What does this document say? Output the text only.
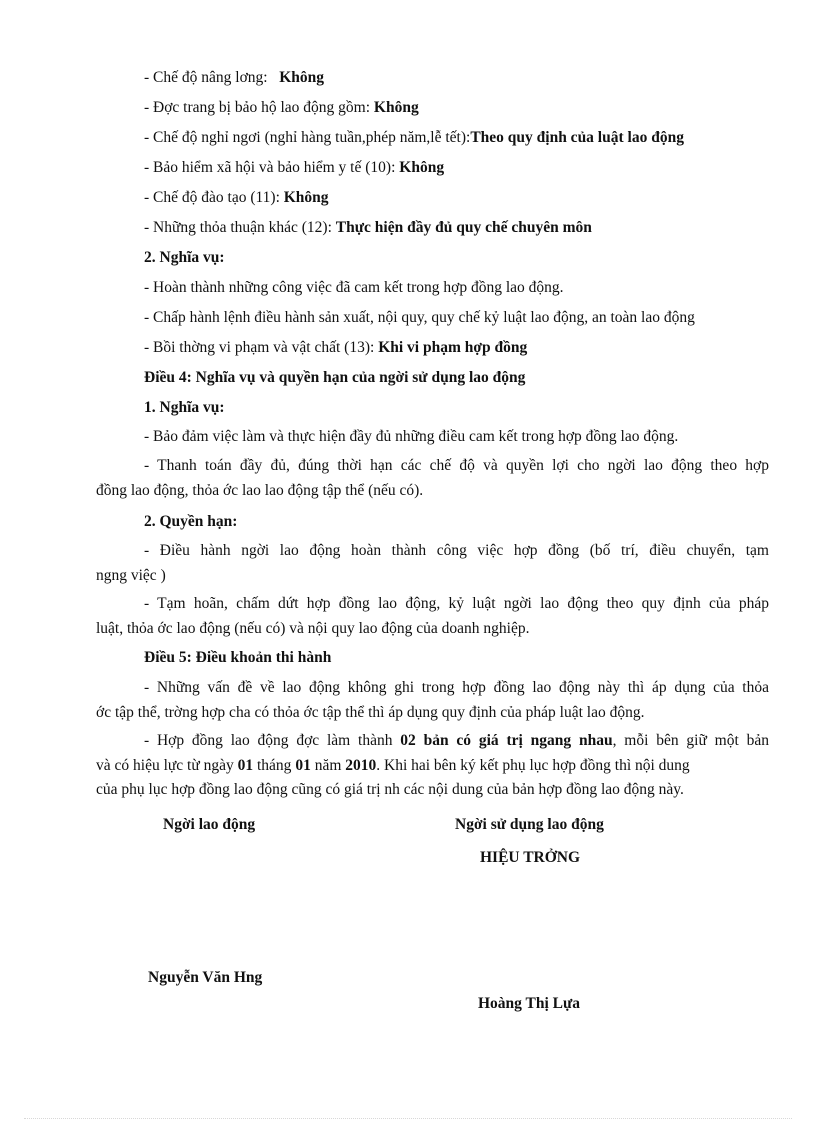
- Chế độ nâng lơng: Không
- Đợc trang bị bảo hộ lao động gồm: Không
- Chế độ nghỉ ngơi (nghỉ hàng tuần,phép năm,lễ tết):Theo quy định của luật lao động
- Bảo hiểm xã hội và bảo hiểm y tế (10): Không
- Chế độ đào tạo (11): Không
- Những thỏa thuận khác (12): Thực hiện đầy đủ quy chế chuyên môn
2. Nghĩa vụ:
- Hoàn thành những công việc đã cam kết trong hợp đồng lao động.
- Chấp hành lệnh điều hành sản xuất, nội quy, quy chế kỷ luật lao động, an toàn lao động
- Bồi thờng vi phạm và vật chất (13): Khi vi phạm hợp đồng
Điều 4: Nghĩa vụ và quyền hạn của ngời sử dụng lao động
1. Nghĩa vụ:
- Bảo đảm việc làm và thực hiện đầy đủ những điều cam kết trong hợp đồng lao động.
- Thanh toán đầy đủ, đúng thời hạn các chế độ và quyền lợi cho ngời lao động theo hợp
đồng lao động, thỏa ớc lao lao động tập thể (nếu có).
2. Quyền hạn:
- Điều hành ngời lao động hoàn thành công việc hợp đồng (bố trí, điều chuyển, tạm
ngng việc )
- Tạm hoãn, chấm dứt hợp đồng lao động, kỷ luật ngời lao động theo quy định của pháp
luật, thỏa ớc lao động (nếu có) và nội quy lao động của doanh nghiệp.
Điều 5: Điều khoản thi hành
- Những vấn đề về lao động không ghi trong hợp đồng lao động này thì áp dụng của thỏa
ớc tập thể, trờng hợp cha có thỏa ớc tập thể thì áp dụng quy định của pháp luật lao động.
- Hợp đồng lao động đợc làm thành 02 bản có giá trị ngang nhau, mỗi bên giữ một bản
và có hiệu lực từ ngày 01 tháng 01 năm 2010. Khi hai bên ký kết phụ lục hợp đồng thì nội dung
của phụ lục hợp đồng lao động cũng có giá trị nh các nội dung của bản hợp đồng lao động này.
Ngời lao động	Ngời sử dụng lao động
HIỆU TRỞNG
Nguyễn Văn Hng
Hoàng Thị Lựa
